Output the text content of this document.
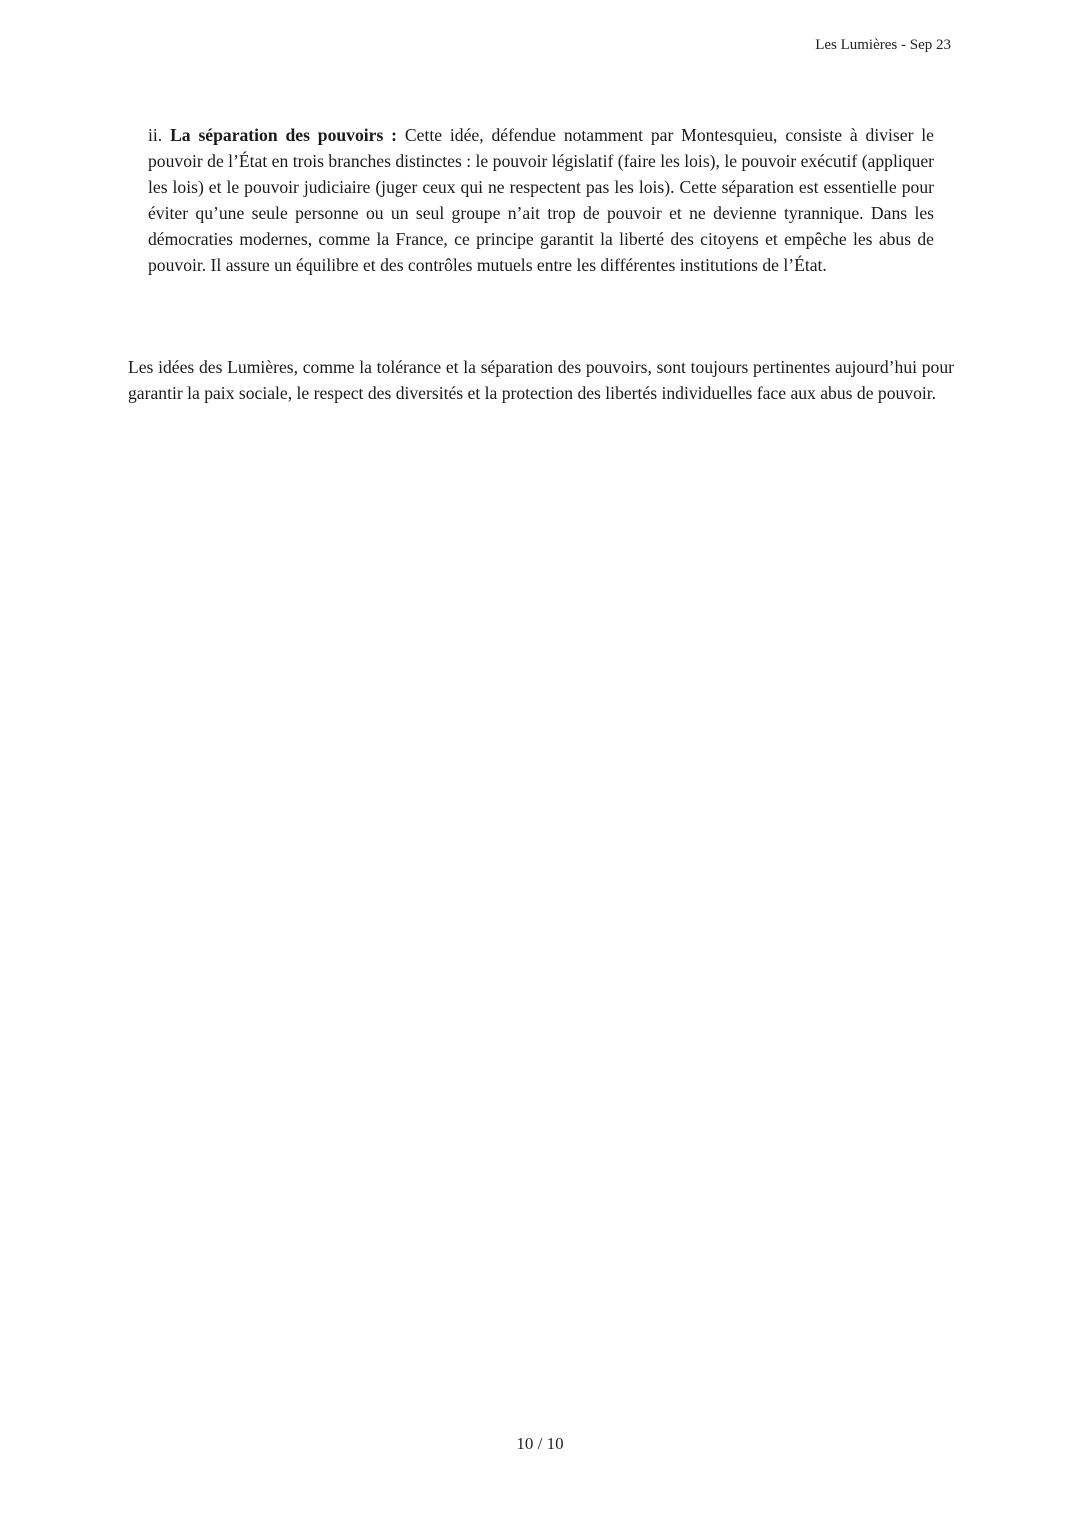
Les Lumières - Sep 23

ii. La séparation des pouvoirs : Cette idée, défendue notamment par Montesquieu, consiste à diviser le pouvoir de l’État en trois branches distinctes : le pouvoir législatif (faire les lois), le pouvoir exécutif (appliquer les lois) et le pouvoir judiciaire (juger ceux qui ne respectent pas les lois). Cette séparation est essentielle pour éviter qu’une seule personne ou un seul groupe n’ait trop de pouvoir et ne devienne tyrannique. Dans les démocraties modernes, comme la France, ce principe garantit la liberté des citoyens et empêche les abus de pouvoir. Il assure un équilibre et des contrôles mutuels entre les différentes institutions de l’État.

Les idées des Lumières, comme la tolérance et la séparation des pouvoirs, sont toujours pertinentes aujourd’hui pour garantir la paix sociale, le respect des diversités et la protection des libertés individuelles face aux abus de pouvoir.

10 / 10
